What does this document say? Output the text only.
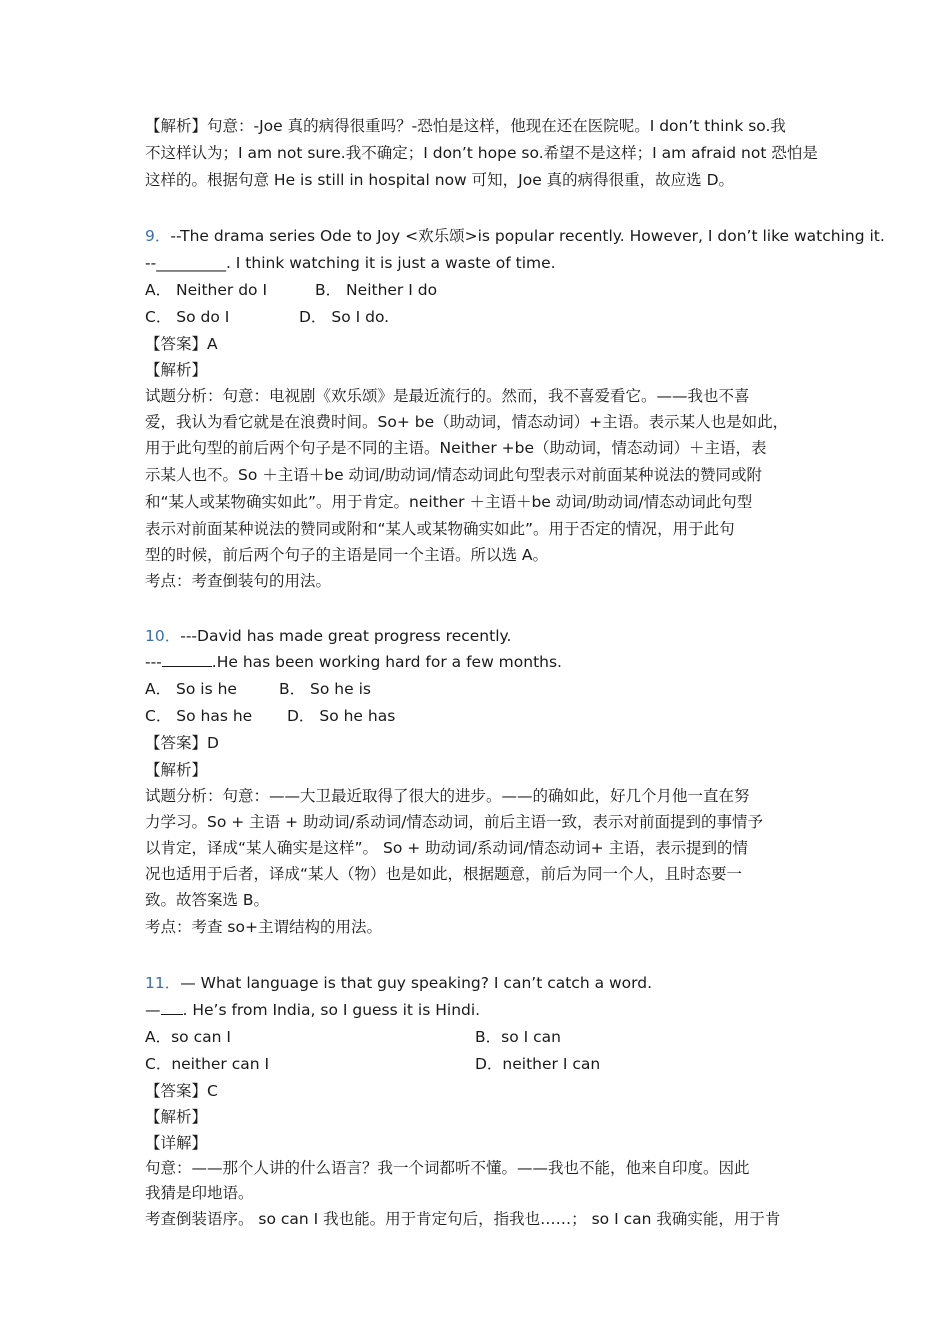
【解析】句意：-Joe 真的病得很重吗？-恐怕是这样，他现在还在医院呢。I don’t think so.我
不这样认为；I am not sure.我不确定；I don’t hope so.希望不是这样；I am afraid not 恐怕是
这样的。根据句意 He is still in hospital now 可知，Joe 真的病得很重，故应选 D。
9．--The drama series Ode to Joy <欢乐颂>is popular recently. However, I don’t like watching it.
--_________. I think watching it is just a waste of time.
A． Neither do I	B． Neither I do
C． So do I	D． So I do.
【答案】A
【解析】
试题分析：句意：电视剧《欢乐颂》是最近流行的。然而，我不喜爱看它。——我也不喜
爱，我认为看它就是在浪费时间。So+ be（助动词，情态动词）+主语。表示某人也是如此，
用于此句型的前后两个句子是不同的主语。Neither +be（助动词，情态动词）＋主语，表
示某人也不。So ＋主语＋be 动词/助动词/情态动词此句型表示对前面某种说法的赞同或附
和“某人或某物确实如此”。用于肯定。neither ＋主语＋be 动词/助动词/情态动词此句型
表示对前面某种说法的赞同或附和“某人或某物确实如此”。用于否定的情况，用于此句
型的时候，前后两个句子的主语是同一个主语。所以选 A。
考点：考查倒装句的用法。
10．---David has made great progress recently.
---	.He has been working hard for a few months.
A． So is he	B． So he is
C． So has he D． So he has
【答案】D
【解析】
试题分析：句意：——大卫最近取得了很大的进步。——的确如此，好几个月他一直在努
力学习。So + 主语 + 助动词/系动词/情态动词，前后主语一致，表示对前面提到的事情予
以肯定，译成“某人确实是这样”。 So + 助动词/系动词/情态动词+ 主语，表示提到的情
况也适用于后者，译成“某人（物）也是如此，根据题意，前后为同一个人，且时态要一
致。故答案选 B。
考点：考查 so+主谓结构的用法。
11．— What language is that guy speaking? I can’t catch a word.
— . He’s from India, so I guess it is Hindi.
A．so can I	B．so I can
C．neither can I	D．neither I can
【答案】C
【解析】
【详解】
句意：——那个人讲的什么语言？我一个词都听不懂。——我也不能，他来自印度。因此
我猜是印地语。
考查倒装语序。 so can I 我也能。用于肯定句后，指我也……； so I can 我确实能，用于肯
